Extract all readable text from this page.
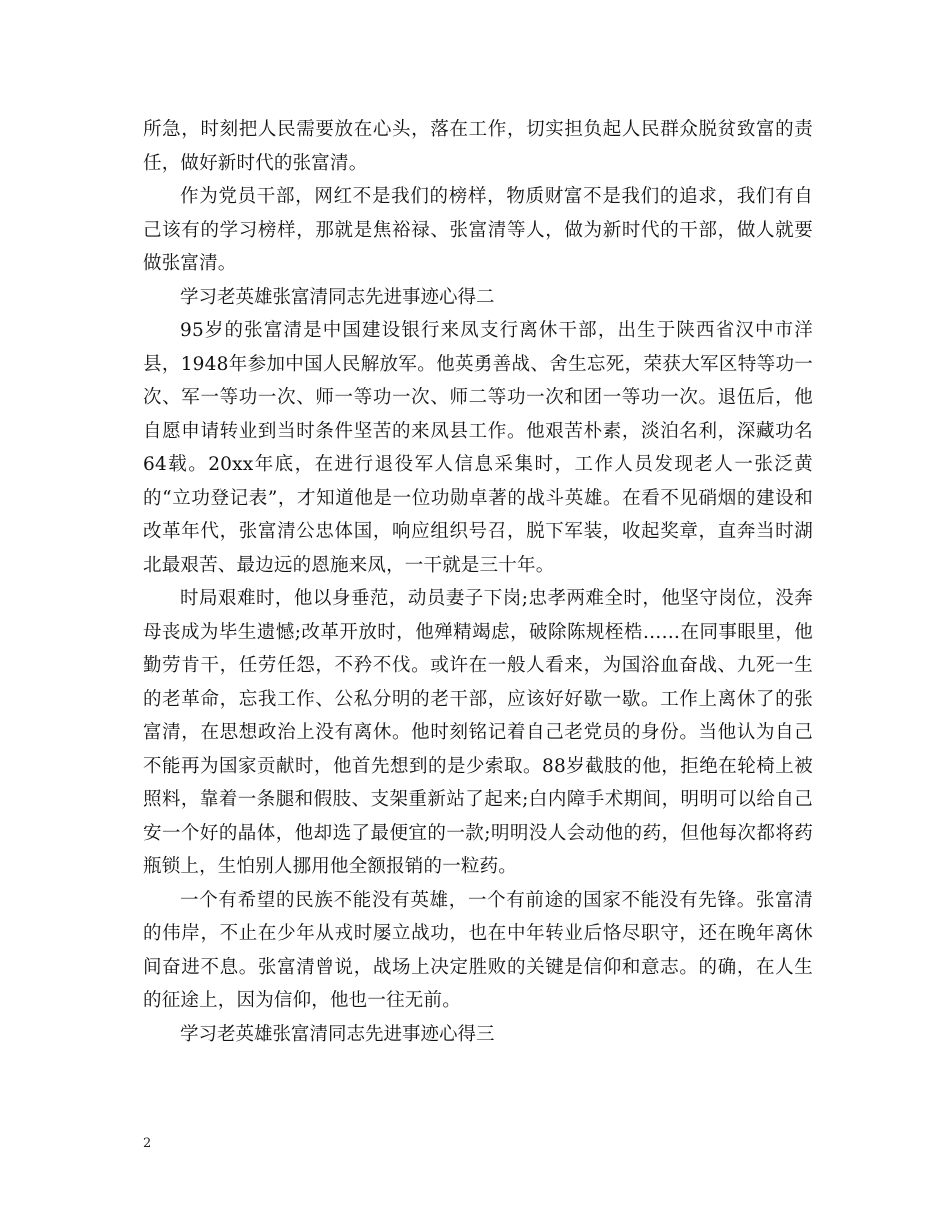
所急，时刻把人民需要放在心头，落在工作，切实担负起人民群众脱贫致富的责任，做好新时代的张富清。

作为党员干部，网红不是我们的榜样，物质财富不是我们的追求，我们有自己该有的学习榜样，那就是焦裕禄、张富清等人，做为新时代的干部，做人就要做张富清。

学习老英雄张富清同志先进事迹心得二

95岁的张富清是中国建设银行来凤支行离休干部，出生于陕西省汉中市洋县，1948年参加中国人民解放军。他英勇善战、舍生忘死，荣获大军区特等功一次、军一等功一次、师一等功一次、师二等功一次和团一等功一次。退伍后，他自愿申请转业到当时条件坚苦的来凤县工作。他艰苦朴素，淡泊名利，深藏功名64载。20xx年底，在进行退役军人信息采集时，工作人员发现老人一张泛黄的“立功登记表”，才知道他是一位功勋卓著的战斗英雄。在看不见硝烟的建设和改革年代，张富清公忠体国，响应组织号召，脱下军装，收起奖章，直奔当时湖北最艰苦、最边远的恩施来凤，一干就是三十年。

时局艰难时，他以身垂范，动员妻子下岗;忠孝两难全时，他坚守岗位，没奔母丧成为毕生遗憾;改革开放时，他殚精竭虑，破除陈规桎梏……在同事眼里，他勤劳肯干，任劳任怨，不矜不伐。或许在一般人看来，为国浴血奋战、九死一生的老革命，忘我工作、公私分明的老干部，应该好好歇一歇。工作上离休了的张富清，在思想政治上没有离休。他时刻铭记着自己老党员的身份。当他认为自己不能再为国家贡献时，他首先想到的是少索取。88岁截肢的他，拒绝在轮椅上被照料，靠着一条腿和假肢、支架重新站了起来;白内障手术期间，明明可以给自己安一个好的晶体，他却选了最便宜的一款;明明没人会动他的药，但他每次都将药瓶锁上，生怕别人挪用他全额报销的一粒药。

一个有希望的民族不能没有英雄，一个有前途的国家不能没有先锋。张富清的伟岸，不止在少年从戎时屡立战功，也在中年转业后恪尽职守，还在晚年离休间奋进不息。张富清曾说，战场上决定胜败的关键是信仰和意志。的确，在人生的征途上，因为信仰，他也一往无前。

学习老英雄张富清同志先进事迹心得三

2
